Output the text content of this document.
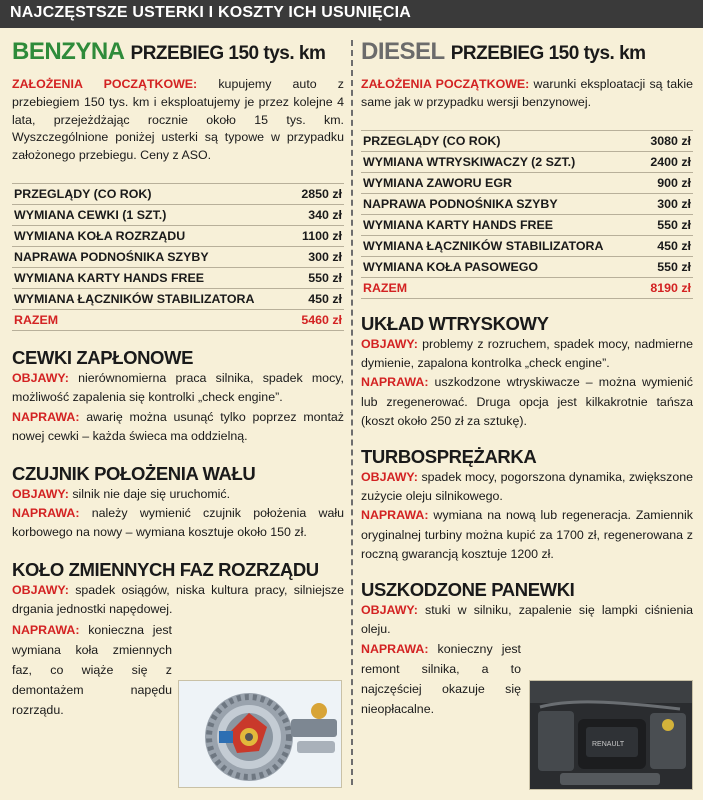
NAJCZĘSTSZE USTERKI I KOSZTY ICH USUNIĘCIA
BENZYNA PRZEBIEG 150 tys. km

ZAŁOŻENIA POCZĄTKOWE: kupujemy auto z przebiegiem 150 tys. km i eksploatujemy je przez kolejne 4 lata, przejeżdżając rocznie około 15 tys. km. Wyszczególnione poniżej usterki są typowe w przypadku założonego przebiegu. Ceny z ASO.

PRZEGLĄDY (CO ROK)	2850 zł
WYMIANA CEWKI (1 SZT.)	340 zł
WYMIANA KOŁA ROZRZĄDU	1100 zł
NAPRAWA PODNOŚNIKA SZYBY	300 zł
WYMIANA KARTY HANDS FREE	550 zł
WYMIANA ŁĄCZNIKÓW STABILIZATORA	450 zł
RAZEM	5460 zł
CEWKI ZAPŁONOWE

OBJAWY: nierównomierna praca silnika, spadek mocy, możliwość zapalenia się kontrolki „check engine”.

NAPRAWA: awarię można usunąć tylko poprzez montaż nowej cewki – każda świeca ma oddzielną.

CZUJNIK POŁOŻENIA WAŁU

OBJAWY: silnik nie daje się uruchomić.

NAPRAWA: należy wymienić czujnik położenia wału korbowego na nowy – wymiana kosztuje około 150 zł.

KOŁO ZMIENNYCH FAZ ROZRZĄDU

OBJAWY: spadek osiągów, niska kultura pracy, silniejsze drgania jednostki napędowej.

NAPRAWA: konieczna jest wymiana koła zmiennych faz, co wiąże się z demontażem napędu rozrządu.

DIESEL PRZEBIEG 150 tys. km

ZAŁOŻENIA POCZĄTKOWE: warunki eksploatacji są takie same jak w przypadku wersji benzynowej.

PRZEGLĄDY (CO ROK)	3080 zł
WYMIANA WTRYSKIWACZY (2 SZT.)	2400 zł
WYMIANA ZAWORU EGR	900 zł
NAPRAWA PODNOŚNIKA SZYBY	300 zł
WYMIANA KARTY HANDS FREE	550 zł
WYMIANA ŁĄCZNIKÓW STABILIZATORA	450 zł
WYMIANA KOŁA PASOWEGO	550 zł
RAZEM	8190 zł
UKŁAD WTRYSKOWY

OBJAWY: problemy z rozruchem, spadek mocy, nadmierne dymienie, zapalona kontrolka „check engine”.

NAPRAWA: uszkodzone wtryskiwacze – można wymienić lub zregenerować. Druga opcja jest kilkakrotnie tańsza (koszt około 250 zł za sztukę).

TURBOSPRĘŻARKA

OBJAWY: spadek mocy, pogorszona dynamika, zwiększone zużycie oleju silnikowego.

NAPRAWA: wymiana na nową lub regeneracja. Zamiennik oryginalnej turbiny można kupić za 1700 zł, regenerowana z roczną gwarancją kosztuje 1200 zł.

USZKODZONE PANEWKI

OBJAWY: stuki w silniku, zapalenie się lampki ciśnienia oleju.

NAPRAWA: konieczny jest remont silnika, a to najczęściej okazuje się nieopłacalne.

RENAULT
